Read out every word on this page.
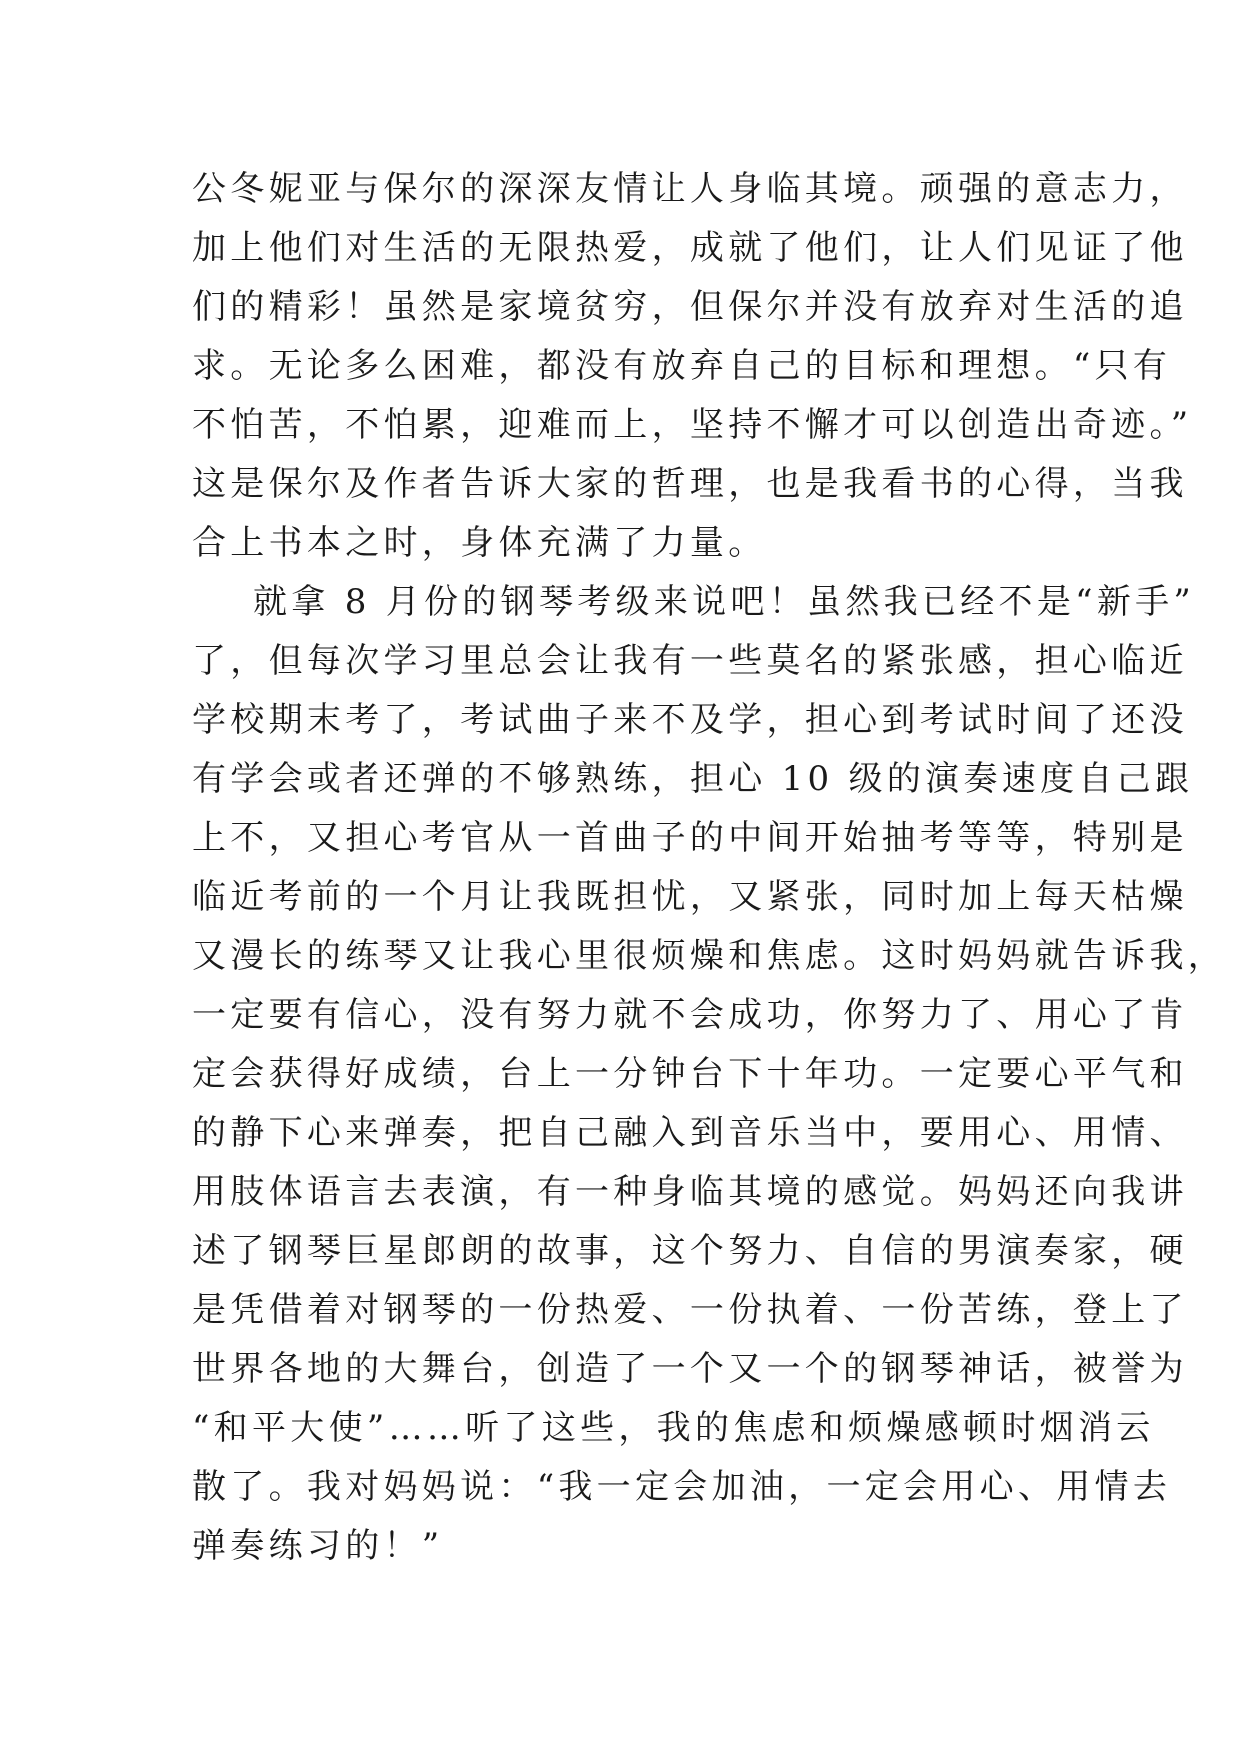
公冬妮亚与保尔的深深友情让人身临其境。顽强的意志力，
加上他们对生活的无限热爱，成就了他们，让人们见证了他
们的精彩！虽然是家境贫穷，但保尔并没有放弃对生活的追
求。无论多么困难，都没有放弃自己的目标和理想。“只有
不怕苦，不怕累，迎难而上，坚持不懈才可以创造出奇迹。”
这是保尔及作者告诉大家的哲理，也是我看书的心得，当我
合上书本之时，身体充满了力量。
就拿 8 月份的钢琴考级来说吧！虽然我已经不是“新手”
了，但每次学习里总会让我有一些莫名的紧张感，担心临近
学校期末考了，考试曲子来不及学，担心到考试时间了还没
有学会或者还弹的不够熟练，担心 10 级的演奏速度自己跟
上不，又担心考官从一首曲子的中间开始抽考等等，特别是
临近考前的一个月让我既担忧，又紧张，同时加上每天枯燥
又漫长的练琴又让我心里很烦燥和焦虑。这时妈妈就告诉我，
一定要有信心，没有努力就不会成功，你努力了、用心了肯
定会获得好成绩，台上一分钟台下十年功。一定要心平气和
的静下心来弹奏，把自己融入到音乐当中，要用心、用情、
用肢体语言去表演，有一种身临其境的感觉。妈妈还向我讲
述了钢琴巨星郎朗的故事，这个努力、自信的男演奏家，硬
是凭借着对钢琴的一份热爱、一份执着、一份苦练，登上了
世界各地的大舞台，创造了一个又一个的钢琴神话，被誉为
“和平大使”……听了这些，我的焦虑和烦燥感顿时烟消云
散了。我对妈妈说：“我一定会加油，一定会用心、用情去
弹奏练习的！”
